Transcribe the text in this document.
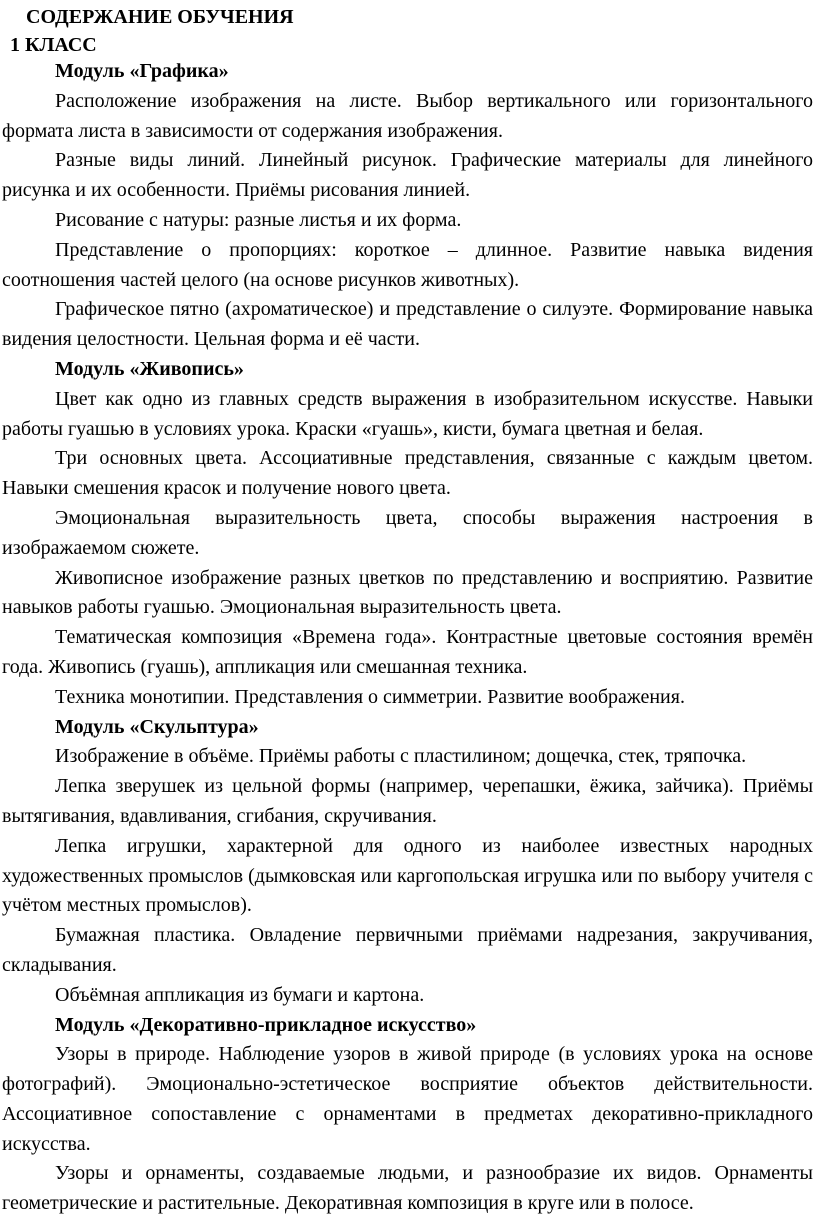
СОДЕРЖАНИЕ ОБУЧЕНИЯ
1 КЛАСС
Модуль «Графика»

Расположение изображения на листе. Выбор вертикального или горизонтального формата листа в зависимости от содержания изображения.

Разные виды линий. Линейный рисунок. Графические материалы для линейного рисунка и их особенности. Приёмы рисования линией.

Рисование с натуры: разные листья и их форма.

Представление о пропорциях: короткое – длинное. Развитие навыка видения соотношения частей целого (на основе рисунков животных).

Графическое пятно (ахроматическое) и представление о силуэте. Формирование навыка видения целостности. Цельная форма и её части.

Модуль «Живопись»

Цвет как одно из главных средств выражения в изобразительном искусстве. Навыки работы гуашью в условиях урока. Краски «гуашь», кисти, бумага цветная и белая.

Три основных цвета. Ассоциативные представления, связанные с каждым цветом. Навыки смешения красок и получение нового цвета.

Эмоциональная выразительность цвета, способы выражения настроения в изображаемом сюжете.

Живописное изображение разных цветков по представлению и восприятию. Развитие навыков работы гуашью. Эмоциональная выразительность цвета.

Тематическая композиция «Времена года». Контрастные цветовые состояния времён года. Живопись (гуашь), аппликация или смешанная техника.

Техника монотипии. Представления о симметрии. Развитие воображения.

Модуль «Скульптура»

Изображение в объёме. Приёмы работы с пластилином; дощечка, стек, тряпочка.

Лепка зверушек из цельной формы (например, черепашки, ёжика, зайчика). Приёмы вытягивания, вдавливания, сгибания, скручивания.

Лепка игрушки, характерной для одного из наиболее известных народных художественных промыслов (дымковская или каргопольская игрушка или по выбору учителя с учётом местных промыслов).

Бумажная пластика. Овладение первичными приёмами надрезания, закручивания, складывания.

Объёмная аппликация из бумаги и картона.

Модуль «Декоративно-прикладное искусство»

Узоры в природе. Наблюдение узоров в живой природе (в условиях урока на основе фотографий). Эмоционально-эстетическое восприятие объектов действительности. Ассоциативное сопоставление с орнаментами в предметах декоративно-прикладного искусства.

Узоры и орнаменты, создаваемые людьми, и разнообразие их видов. Орнаменты геометрические и растительные. Декоративная композиция в круге или в полосе.
